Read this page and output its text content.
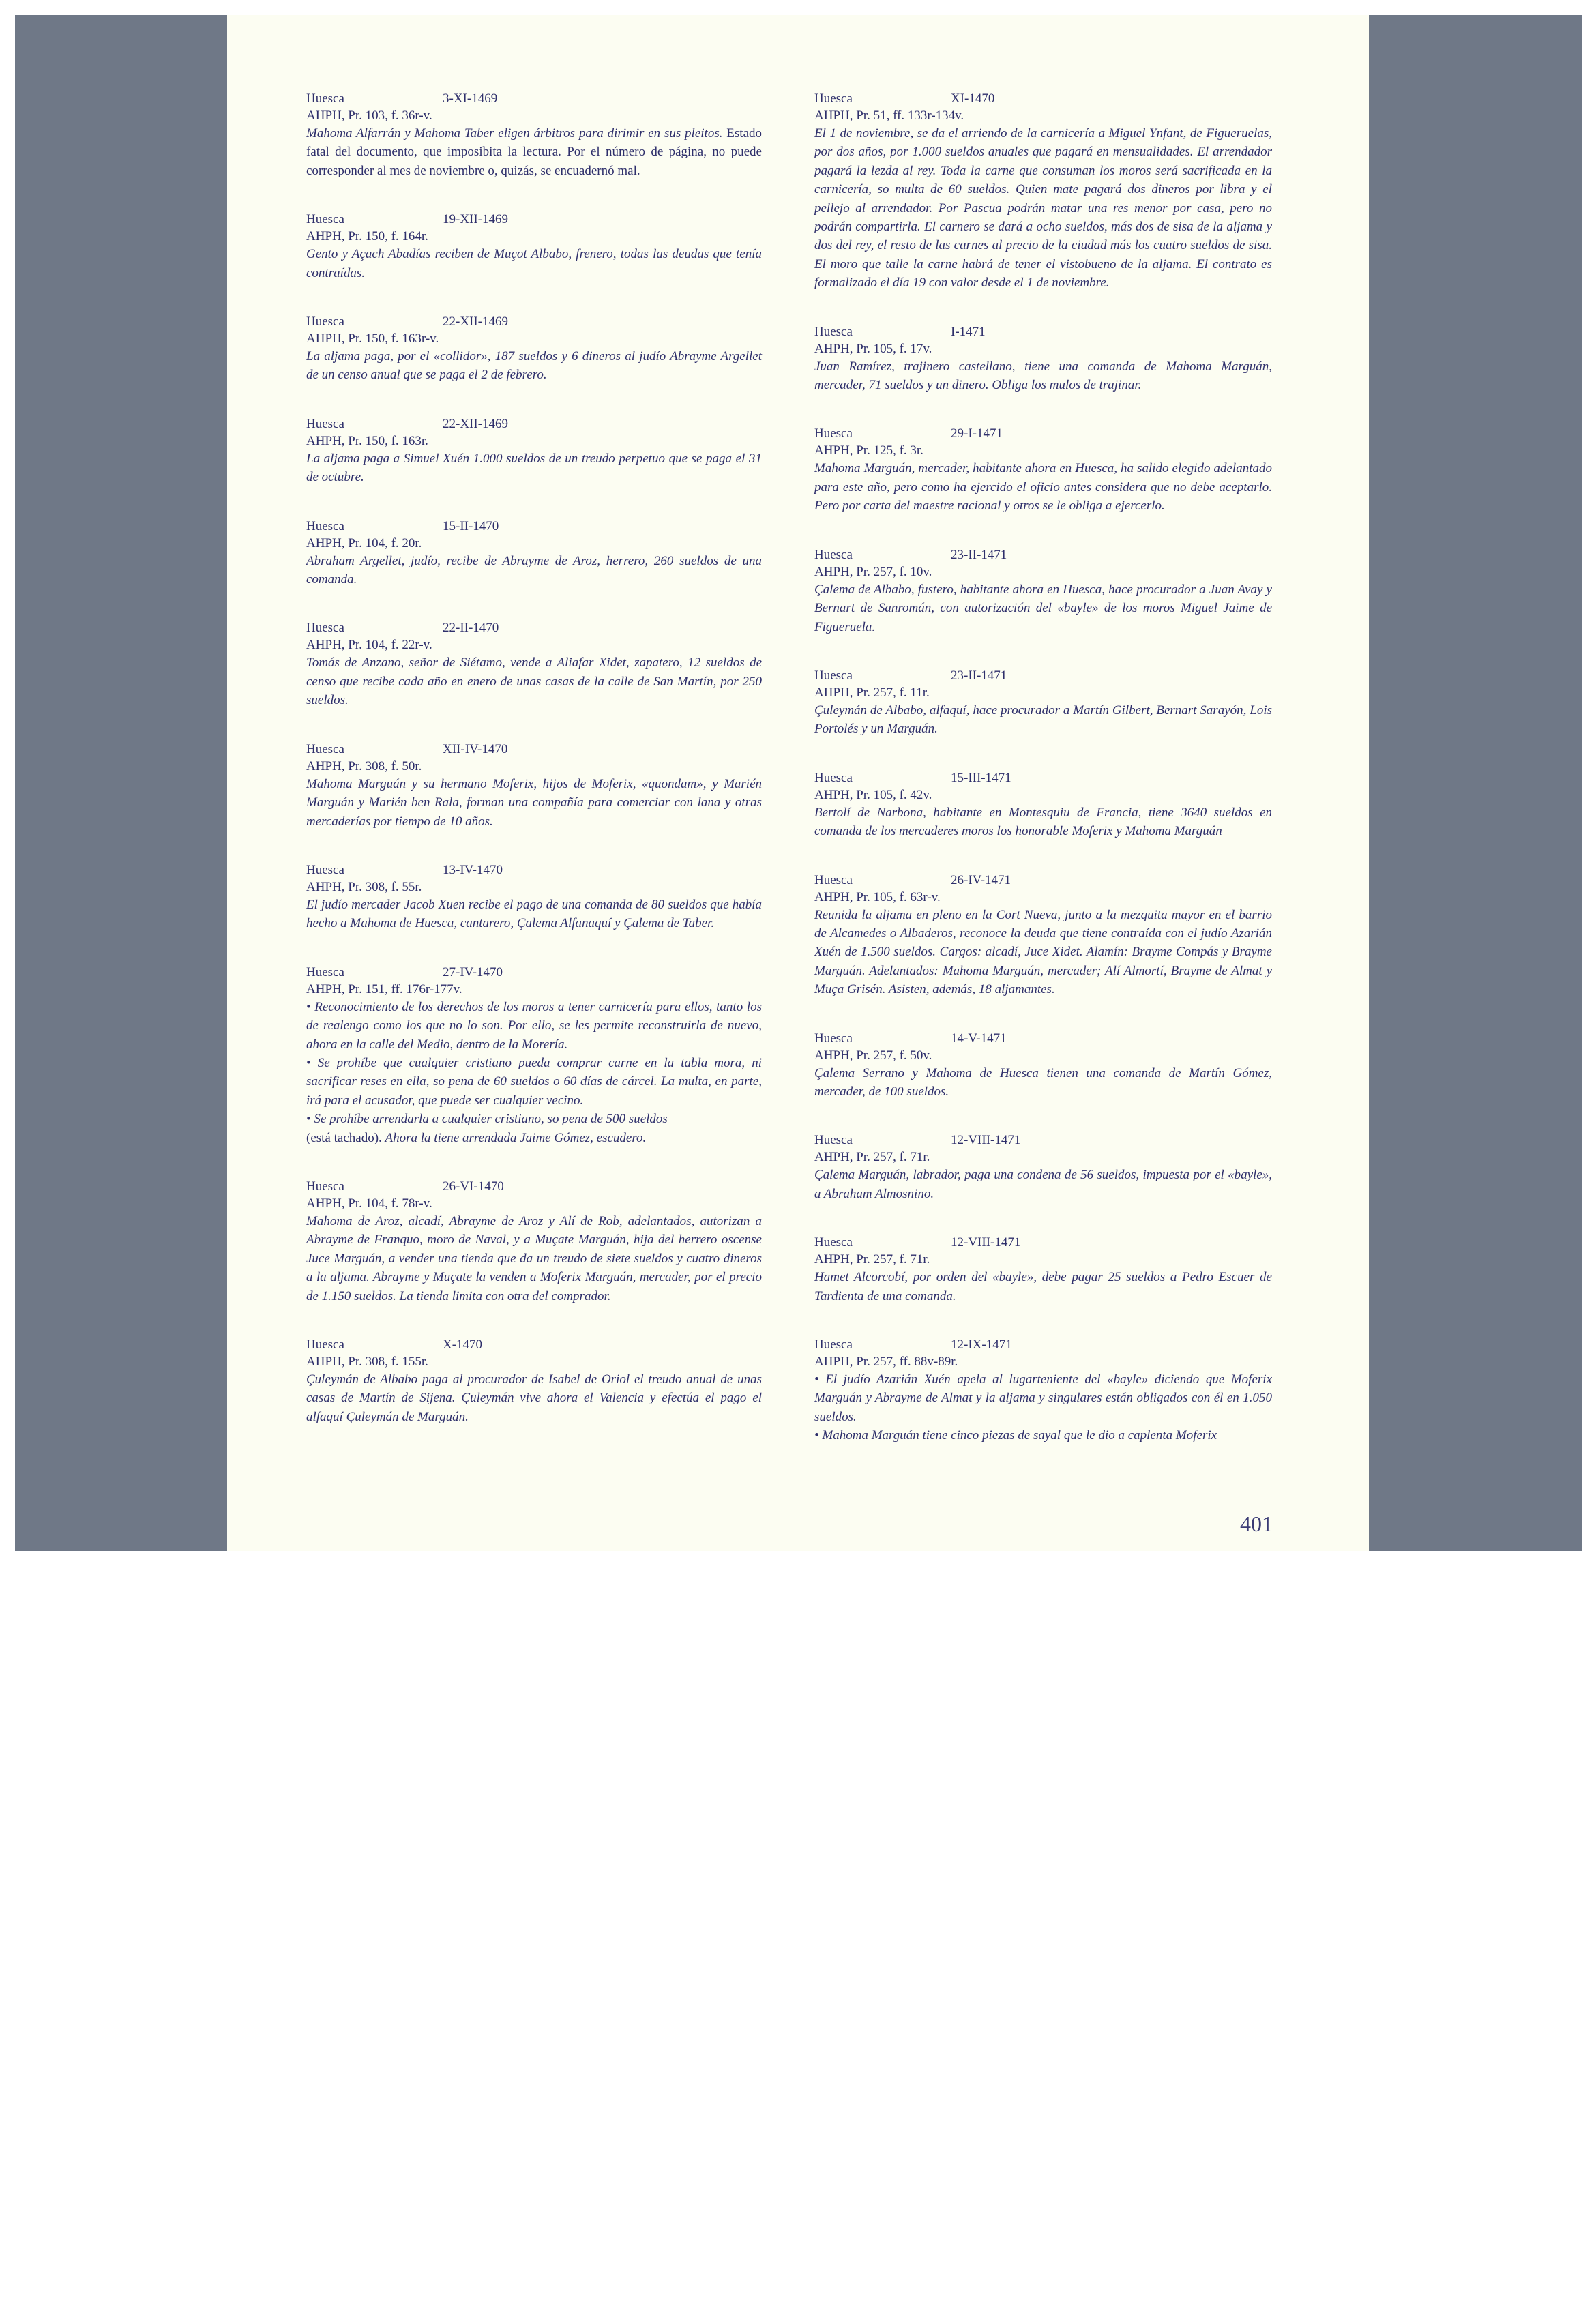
Huesca	3-XI-1469
AHPH, Pr. 103, f. 36r-v.
Mahoma Alfarrán y Mahoma Taber eligen árbitros para dirimir en sus pleitos. Estado fatal del documento, que imposibita la lectura. Por el número de página, no puede corresponder al mes de noviembre o, quizás, se encuadernó mal.
Huesca	19-XII-1469
AHPH, Pr. 150, f. 164r.
Gento y Açach Abadías reciben de Muçot Albabo, frenero, todas las deudas que tenía contraídas.
Huesca	22-XII-1469
AHPH, Pr. 150, f. 163r-v.
La aljama paga, por el «collidor», 187 sueldos y 6 dineros al judío Abrayme Argellet de un censo anual que se paga el 2 de febrero.
Huesca	22-XII-1469
AHPH, Pr. 150, f. 163r.
La aljama paga a Simuel Xuén 1.000 sueldos de un treudo perpetuo que se paga el 31 de octubre.
Huesca	15-II-1470
AHPH, Pr. 104, f. 20r.
Abraham Argellet, judío, recibe de Abrayme de Aroz, herrero, 260 sueldos de una comanda.
Huesca	22-II-1470
AHPH, Pr. 104, f. 22r-v.
Tomás de Anzano, señor de Siétamo, vende a Aliafar Xidet, zapatero, 12 sueldos de censo que recibe cada año en enero de unas casas de la calle de San Martín, por 250 sueldos.
Huesca	XII-IV-1470
AHPH, Pr. 308, f. 50r.
Mahoma Marguán y su hermano Moferix, hijos de Moferix, «quondam», y Marién Marguán y Marién ben Rala, forman una compañía para comerciar con lana y otras mercaderías por tiempo de 10 años.
Huesca	13-IV-1470
AHPH, Pr. 308, f. 55r.
El judío mercader Jacob Xuen recibe el pago de una comanda de 80 sueldos que había hecho a Mahoma de Huesca, cantarero, Çalema Alfanaquí y Çalema de Taber.
Huesca	27-IV-1470
AHPH, Pr. 151, ff. 176r-177v.
• Reconocimiento de los derechos de los moros a tener carnicería para ellos, tanto los de realengo como los que no lo son. Por ello, se les permite reconstruirla de nuevo, ahora en la calle del Medio, dentro de la Morería.
• Se prohíbe que cualquier cristiano pueda comprar carne en la tabla mora, ni sacrificar reses en ella, so pena de 60 sueldos o 60 días de cárcel. La multa, en parte, irá para el acusador, que puede ser cualquier vecino.
• Se prohíbe arrendarla a cualquier cristiano, so pena de 500 sueldos
(está tachado). Ahora la tiene arrendada Jaime Gómez, escudero.
Huesca	26-VI-1470
AHPH, Pr. 104, f. 78r-v.
Mahoma de Aroz, alcadí, Abrayme de Aroz y Alí de Rob, adelantados, autorizan a Abrayme de Franquo, moro de Naval, y a Muçate Marguán, hija del herrero oscense Juce Marguán, a vender una tienda que da un treudo de siete sueldos y cuatro dineros a la aljama. Abrayme y Muçate la venden a Moferix Marguán, mercader, por el precio de 1.150 sueldos. La tienda limita con otra del comprador.
Huesca	X-1470
AHPH, Pr. 308, f. 155r.
Çuleymán de Albabo paga al procurador de Isabel de Oriol el treudo anual de unas casas de Martín de Sijena. Çuleymán vive ahora el Valencia y efectúa el pago el alfaquí Çuleymán de Marguán.
Huesca	XI-1470
AHPH, Pr. 51, ff. 133r-134v.
El 1 de noviembre, se da el arriendo de la carnicería a Miguel Ynfant, de Figueruelas, por dos años, por 1.000 sueldos anuales que pagará en mensualidades. El arrendador pagará la lezda al rey. Toda la carne que consuman los moros será sacrificada en la carnicería, so multa de 60 sueldos. Quien mate pagará dos dineros por libra y el pellejo al arrendador. Por Pascua podrán matar una res menor por casa, pero no podrán compartirla. El carnero se dará a ocho sueldos, más dos de sisa de la aljama y dos del rey, el resto de las carnes al precio de la ciudad más los cuatro sueldos de sisa. El moro que talle la carne habrá de tener el vistobueno de la aljama. El contrato es formalizado el día 19 con valor desde el 1 de noviembre.
Huesca	I-1471
AHPH, Pr. 105, f. 17v.
Juan Ramírez, trajinero castellano, tiene una comanda de Mahoma Marguán, mercader, 71 sueldos y un dinero. Obliga los mulos de trajinar.
Huesca	29-I-1471
AHPH, Pr. 125, f. 3r.
Mahoma Marguán, mercader, habitante ahora en Huesca, ha salido elegido adelantado para este año, pero como ha ejercido el oficio antes considera que no debe aceptarlo. Pero por carta del maestre racional y otros se le obliga a ejercerlo.
Huesca	23-II-1471
AHPH, Pr. 257, f. 10v.
Çalema de Albabo, fustero, habitante ahora en Huesca, hace procurador a Juan Avay y Bernart de Sanromán, con autorización del «bayle» de los moros Miguel Jaime de Figueruela.
Huesca	23-II-1471
AHPH, Pr. 257, f. 11r.
Çuleymán de Albabo, alfaquí, hace procurador a Martín Gilbert, Bernart Sarayón, Lois Portolés y un Marguán.
Huesca	15-III-1471
AHPH, Pr. 105, f. 42v.
Bertolí de Narbona, habitante en Montesquiu de Francia, tiene 3640 sueldos en comanda de los mercaderes moros los honorable Moferix y Mahoma Marguán
Huesca	26-IV-1471
AHPH, Pr. 105, f. 63r-v.
Reunida la aljama en pleno en la Cort Nueva, junto a la mezquita mayor en el barrio de Alcamedes o Albaderos, reconoce la deuda que tiene contraída con el judío Azarián Xuén de 1.500 sueldos. Cargos: alcadí, Juce Xidet. Alamín: Brayme Compás y Brayme Marguán. Adelantados: Mahoma Marguán, mercader; Alí Almortí, Brayme de Almat y Muça Grisén. Asisten, además, 18 aljamantes.
Huesca	14-V-1471
AHPH, Pr. 257, f. 50v.
Çalema Serrano y Mahoma de Huesca tienen una comanda de Martín Gómez, mercader, de 100 sueldos.
Huesca	12-VIII-1471
AHPH, Pr. 257, f. 71r.
Çalema Marguán, labrador, paga una condena de 56 sueldos, impuesta por el «bayle», a Abraham Almosnino.
Huesca	12-VIII-1471
AHPH, Pr. 257, f. 71r.
Hamet Alcorcobí, por orden del «bayle», debe pagar 25 sueldos a Pedro Escuer de Tardienta de una comanda.
Huesca	12-IX-1471
AHPH, Pr. 257, ff. 88v-89r.
• El judío Azarián Xuén apela al lugarteniente del «bayle» diciendo que Moferix Marguán y Abrayme de Almat y la aljama y singulares están obligados con él en 1.050 sueldos.
• Mahoma Marguán tiene cinco piezas de sayal que le dio a caplenta Moferix
401
